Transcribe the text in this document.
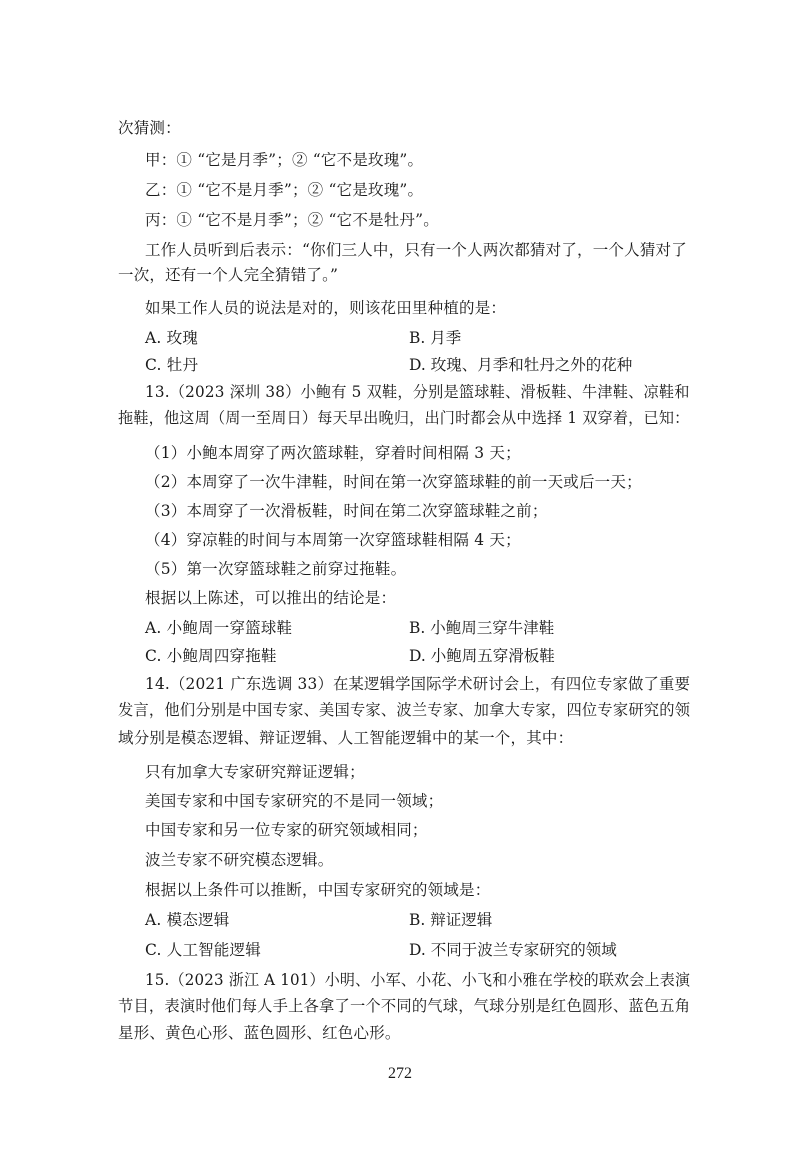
次猜测：
甲：① “它是月季”；② “它不是玫瑰”。
乙：① “它不是月季”；② “它是玫瑰”。
丙：① “它不是月季”；② “它不是牡丹”。
工作人员听到后表示：“你们三人中，只有一个人两次都猜对了，一个人猜对了
一次，还有一个人完全猜错了。”
如果工作人员的说法是对的，则该花田里种植的是：
A. 玫瑰	B. 月季
C. 牡丹	D. 玫瑰、月季和牡丹之外的花种
13.（2023 深圳 38）小鲍有 5 双鞋，分别是篮球鞋、滑板鞋、牛津鞋、凉鞋和
拖鞋，他这周（周一至周日）每天早出晚归，出门时都会从中选择 1 双穿着，已知：
（1）小鲍本周穿了两次篮球鞋，穿着时间相隔 3 天；
（2）本周穿了一次牛津鞋，时间在第一次穿篮球鞋的前一天或后一天；
（3）本周穿了一次滑板鞋，时间在第二次穿篮球鞋之前；
（4）穿凉鞋的时间与本周第一次穿篮球鞋相隔 4 天；
（5）第一次穿篮球鞋之前穿过拖鞋。
根据以上陈述，可以推出的结论是：
A. 小鲍周一穿篮球鞋	B. 小鲍周三穿牛津鞋
C. 小鲍周四穿拖鞋	D. 小鲍周五穿滑板鞋
14.（2021 广东选调 33）在某逻辑学国际学术研讨会上，有四位专家做了重要
发言，他们分别是中国专家、美国专家、波兰专家、加拿大专家，四位专家研究的领
域分别是模态逻辑、辩证逻辑、人工智能逻辑中的某一个，其中：
只有加拿大专家研究辩证逻辑；
美国专家和中国专家研究的不是同一领域；
中国专家和另一位专家的研究领域相同；
波兰专家不研究模态逻辑。
根据以上条件可以推断，中国专家研究的领域是：
A. 模态逻辑	B. 辩证逻辑
C. 人工智能逻辑	D. 不同于波兰专家研究的领域
15.（2023 浙江 A 101）小明、小军、小花、小飞和小雅在学校的联欢会上表演
节目，表演时他们每人手上各拿了一个不同的气球，气球分别是红色圆形、蓝色五角
星形、黄色心形、蓝色圆形、红色心形。
272
